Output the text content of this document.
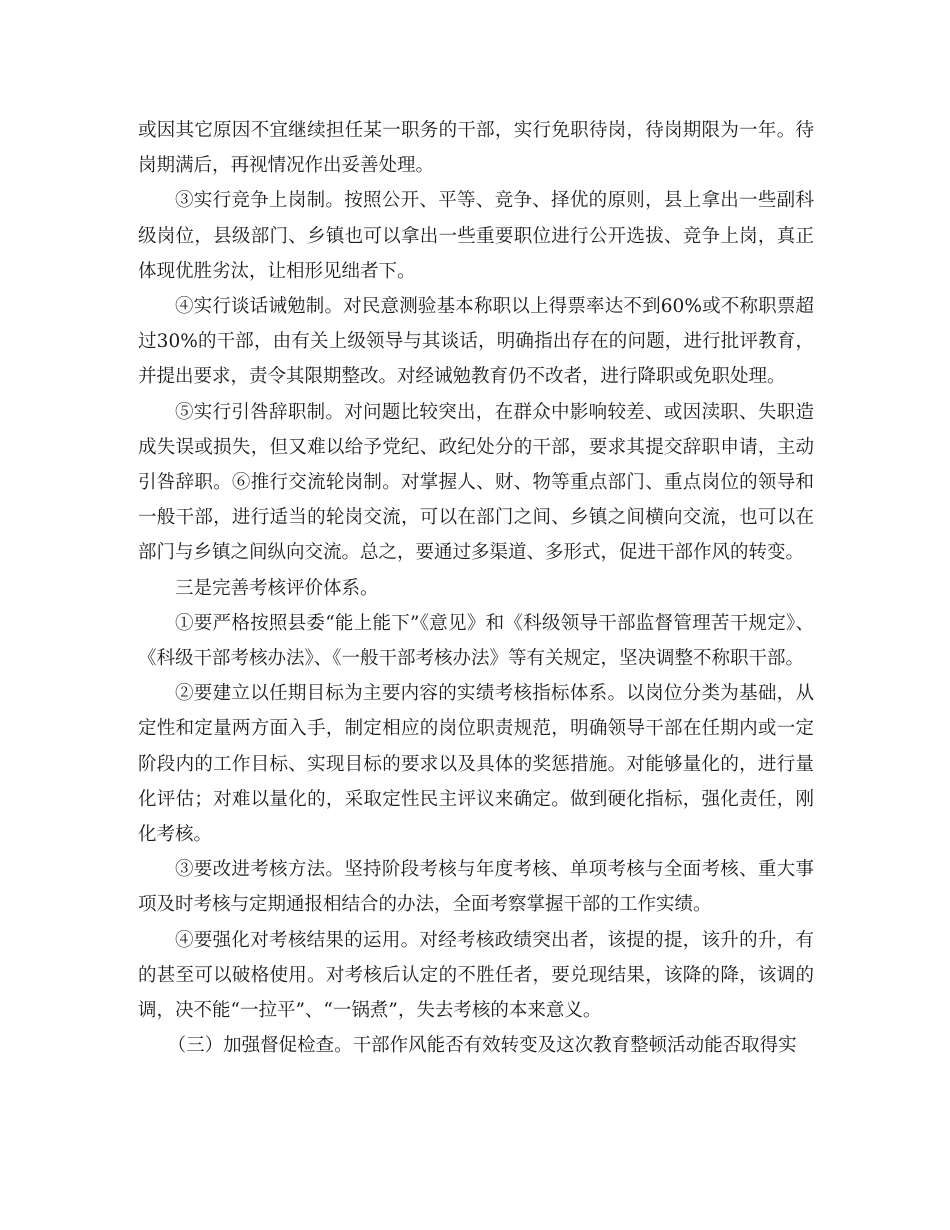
或因其它原因不宜继续担任某一职务的干部，实行免职待岗，待岗期限为一年。待岗期满后，再视情况作出妥善处理。

③实行竞争上岗制。按照公开、平等、竞争、择优的原则，县上拿出一些副科级岗位，县级部门、乡镇也可以拿出一些重要职位进行公开选拔、竞争上岗，真正体现优胜劣汰，让相形见绌者下。

④实行谈话诫勉制。对民意测验基本称职以上得票率达不到60%或不称职票超过30%的干部，由有关上级领导与其谈话，明确指出存在的问题，进行批评教育，并提出要求，责令其限期整改。对经诫勉教育仍不改者，进行降职或免职处理。

⑤实行引咎辞职制。对问题比较突出，在群众中影响较差、或因渎职、失职造成失误或损失，但又难以给予党纪、政纪处分的干部，要求其提交辞职申请，主动引咎辞职。⑥推行交流轮岗制。对掌握人、财、物等重点部门、重点岗位的领导和一般干部，进行适当的轮岗交流，可以在部门之间、乡镇之间横向交流，也可以在部门与乡镇之间纵向交流。总之，要通过多渠道、多形式，促进干部作风的转变。

三是完善考核评价体系。

①要严格按照县委“能上能下”《意见》和《科级领导干部监督管理苦干规定》、《科级干部考核办法》、《一般干部考核办法》等有关规定，坚决调整不称职干部。

②要建立以任期目标为主要内容的实绩考核指标体系。以岗位分类为基础，从定性和定量两方面入手，制定相应的岗位职责规范，明确领导干部在任期内或一定阶段内的工作目标、实现目标的要求以及具体的奖惩措施。对能够量化的，进行量化评估；对难以量化的，采取定性民主评议来确定。做到硬化指标，强化责任，刚化考核。

③要改进考核方法。坚持阶段考核与年度考核、单项考核与全面考核、重大事项及时考核与定期通报相结合的办法，全面考察掌握干部的工作实绩。

④要强化对考核结果的运用。对经考核政绩突出者，该提的提，该升的升，有的甚至可以破格使用。对考核后认定的不胜任者，要兑现结果，该降的降，该调的调，决不能“一拉平”、“一锅煮”，失去考核的本来意义。

（三）加强督促检查。干部作风能否有效转变及这次教育整顿活动能否取得实
